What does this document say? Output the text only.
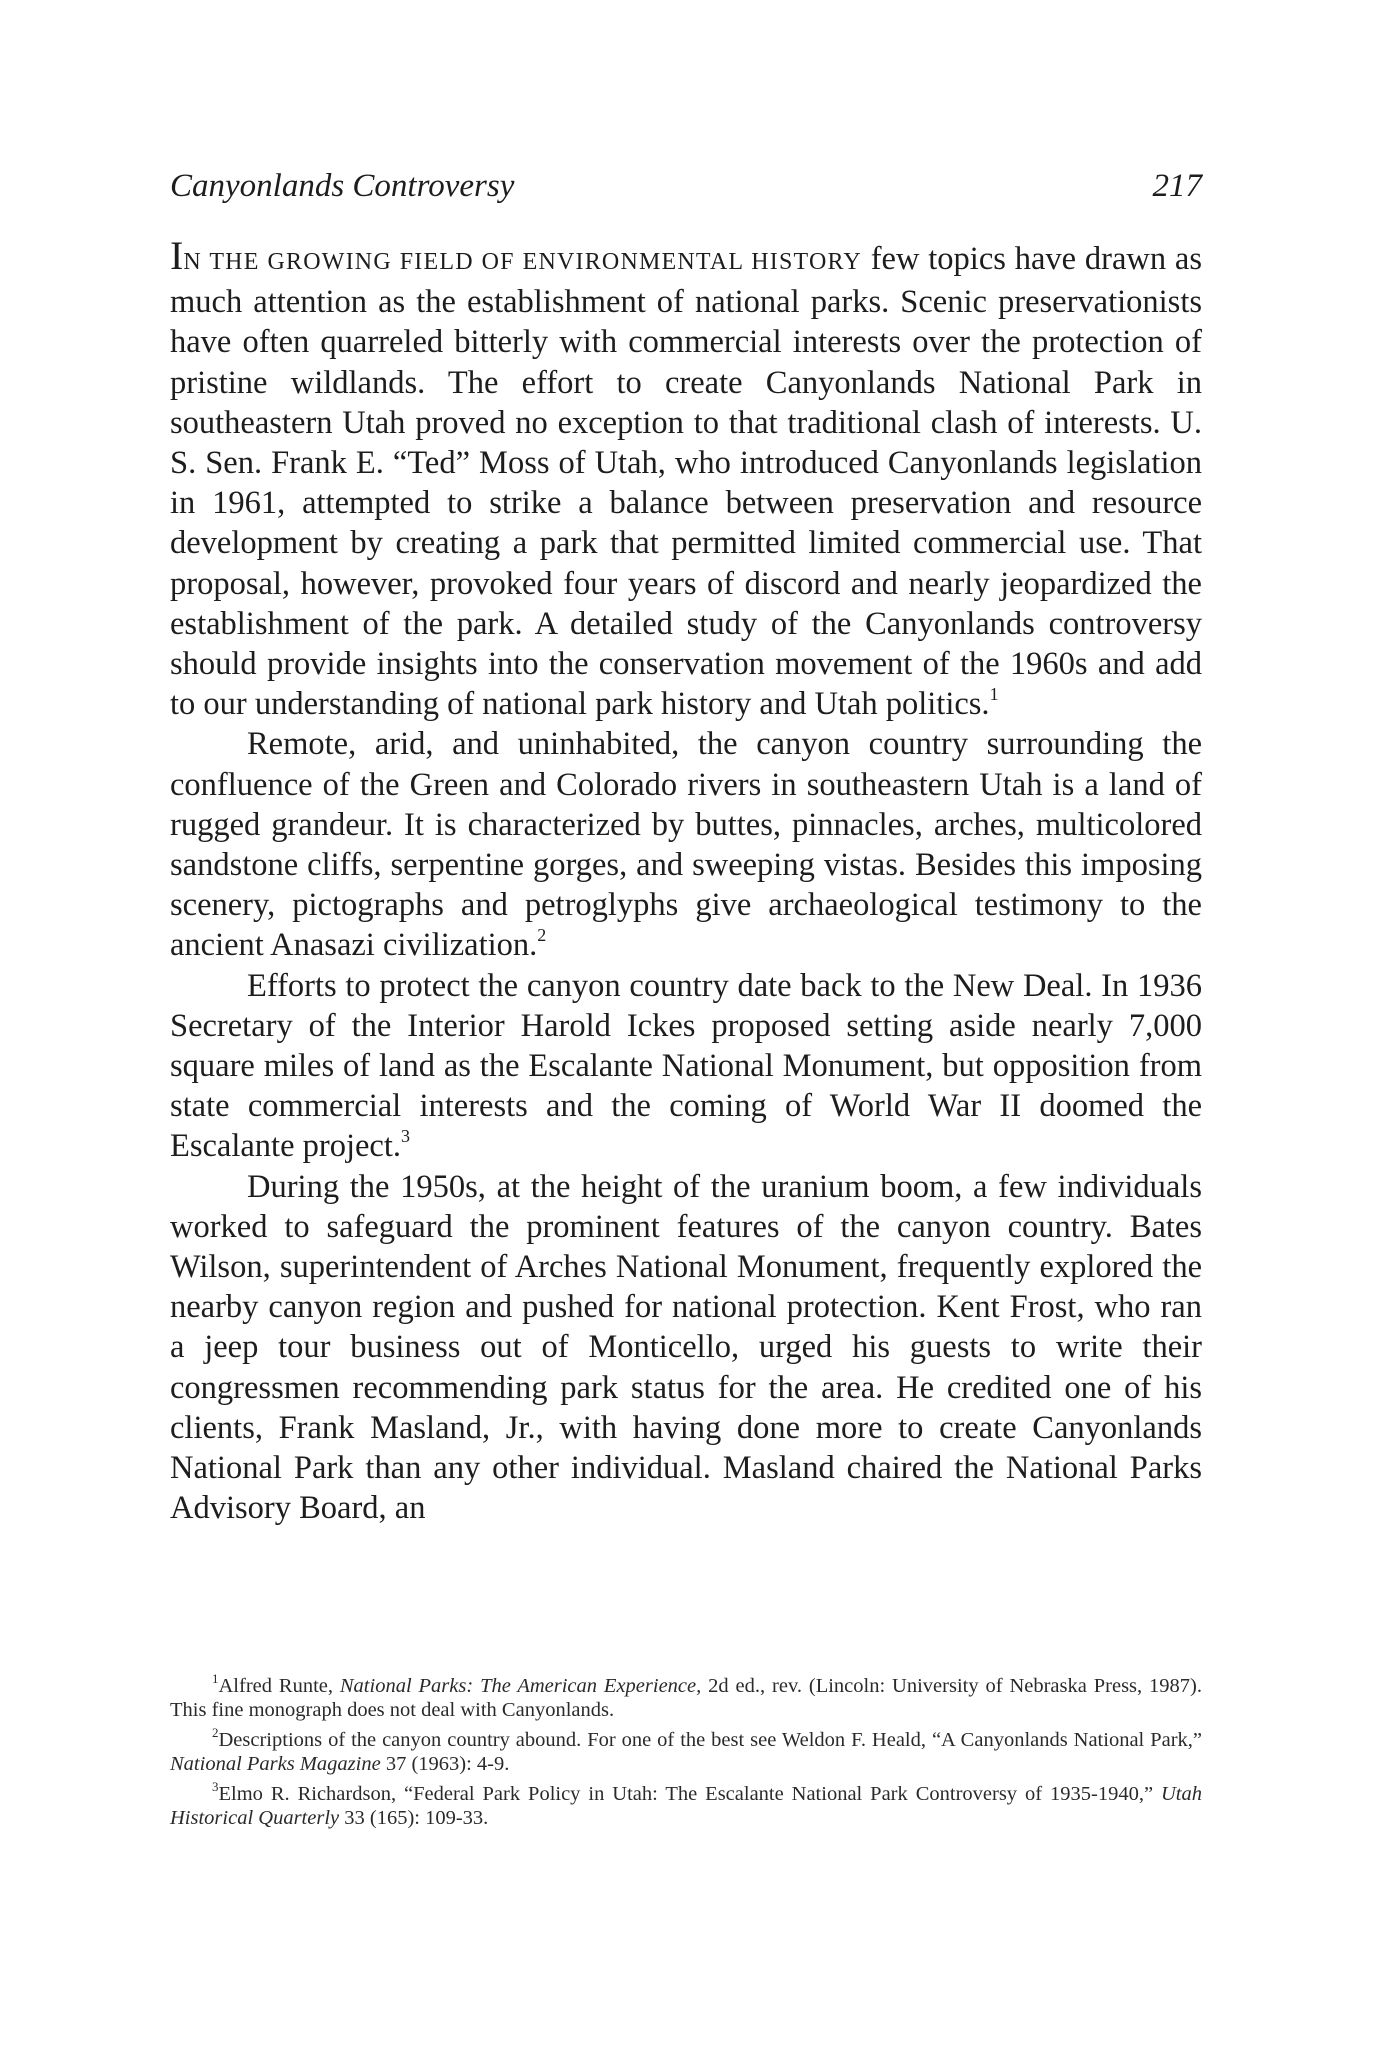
Canyonlands Controversy	217

IN THE GROWING FIELD OF ENVIRONMENTAL HISTORY few topics have drawn as much attention as the establishment of national parks. Scenic preservationists have often quarreled bitterly with commercial interests over the protection of pristine wildlands. The effort to create Canyonlands National Park in southeastern Utah proved no exception to that traditional clash of interests. U. S. Sen. Frank E. “Ted” Moss of Utah, who introduced Canyonlands legislation in 1961, attempted to strike a balance between preservation and resource development by creating a park that permitted limited commercial use. That proposal, however, provoked four years of discord and nearly jeopardized the establishment of the park. A detailed study of the Canyonlands controversy should provide insights into the conservation movement of the 1960s and add to our understanding of national park history and Utah politics.$^1$

Remote, arid, and uninhabited, the canyon country surrounding the confluence of the Green and Colorado rivers in southeastern Utah is a land of rugged grandeur. It is characterized by buttes, pinnacles, arches, multicolored sandstone cliffs, serpentine gorges, and sweeping vistas. Besides this imposing scenery, pictographs and petroglyphs give archaeological testimony to the ancient Anasazi civilization.$^2$

Efforts to protect the canyon country date back to the New Deal. In 1936 Secretary of the Interior Harold Ickes proposed setting aside nearly 7,000 square miles of land as the Escalante National Monument, but opposition from state commercial interests and the coming of World War II doomed the Escalante project.$^3$

During the 1950s, at the height of the uranium boom, a few individuals worked to safeguard the prominent features of the canyon country. Bates Wilson, superintendent of Arches National Monument, frequently explored the nearby canyon region and pushed for national protection. Kent Frost, who ran a jeep tour business out of Monticello, urged his guests to write their congressmen recommending park status for the area. He credited one of his clients, Frank Masland, Jr., with having done more to create Canyonlands National Park than any other individual. Masland chaired the National Parks Advisory Board, an

$^1$Alfred Runte, National Parks: The American Experience, 2d ed., rev. (Lincoln: University of Nebraska Press, 1987). This fine monograph does not deal with Canyonlands.

$^2$Descriptions of the canyon country abound. For one of the best see Weldon F. Heald, “A Canyonlands National Park,” National Parks Magazine 37 (1963): 4-9.

$^3$Elmo R. Richardson, “Federal Park Policy in Utah: The Escalante National Park Controversy of 1935-1940,” Utah Historical Quarterly 33 (165): 109-33.
